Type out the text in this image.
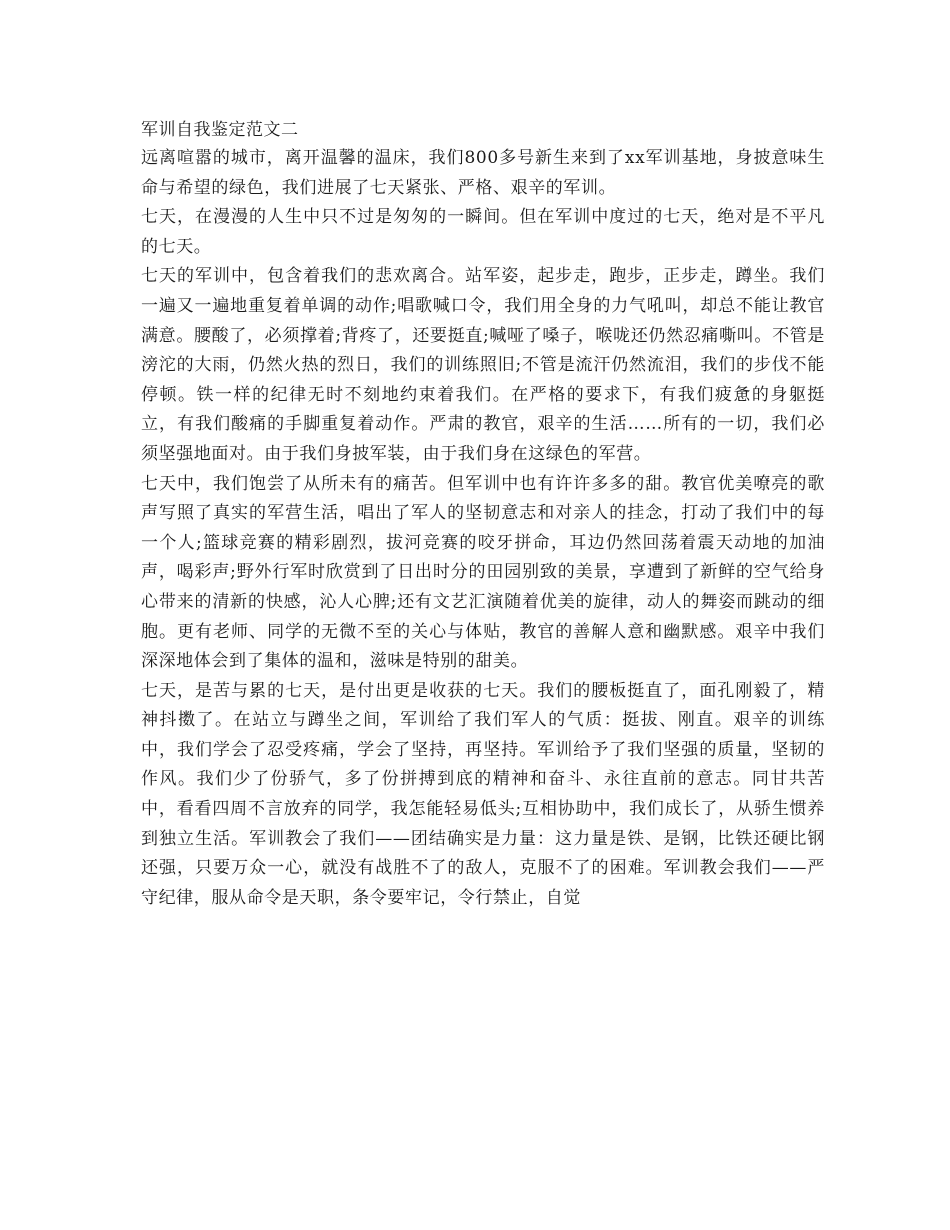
军训自我鉴定范文二

远离喧嚣的城市，离开温馨的温床，我们800多号新生来到了xx军训基地，身披意味生命与希望的绿色，我们进展了七天紧张、严格、艰辛的军训。

七天，在漫漫的人生中只不过是匆匆的一瞬间。但在军训中度过的七天，绝对是不平凡的七天。

七天的军训中，包含着我们的悲欢离合。站军姿，起步走，跑步，正步走，蹲坐。我们一遍又一遍地重复着单调的动作;唱歌喊口令，我们用全身的力气吼叫，却总不能让教官满意。腰酸了，必须撑着;背疼了，还要挺直;喊哑了嗓子，喉咙还仍然忍痛嘶叫。不管是滂沱的大雨，仍然火热的烈日，我们的训练照旧;不管是流汗仍然流泪，我们的步伐不能停顿。铁一样的纪律无时不刻地约束着我们。在严格的要求下，有我们疲惫的身躯挺立，有我们酸痛的手脚重复着动作。严肃的教官，艰辛的生活……所有的一切，我们必须坚强地面对。由于我们身披军装，由于我们身在这绿色的军营。

七天中，我们饱尝了从所未有的痛苦。但军训中也有许许多多的甜。教官优美嘹亮的歌声写照了真实的军营生活，唱出了军人的坚韧意志和对亲人的挂念，打动了我们中的每一个人;篮球竞赛的精彩剧烈，拔河竞赛的咬牙拼命，耳边仍然回荡着震天动地的加油声，喝彩声;野外行军时欣赏到了日出时分的田园别致的美景，享遭到了新鲜的空气给身心带来的清新的快感，沁人心脾;还有文艺汇演随着优美的旋律，动人的舞姿而跳动的细胞。更有老师、同学的无微不至的关心与体贴，教官的善解人意和幽默感。艰辛中我们深深地体会到了集体的温和，滋味是特别的甜美。

七天，是苦与累的七天，是付出更是收获的七天。我们的腰板挺直了，面孔刚毅了，精神抖擞了。在站立与蹲坐之间，军训给了我们军人的气质：挺拔、刚直。艰辛的训练中，我们学会了忍受疼痛，学会了坚持，再坚持。军训给予了我们坚强的质量，坚韧的作风。我们少了份骄气，多了份拼搏到底的精神和奋斗、永往直前的意志。同甘共苦中，看看四周不言放弃的同学，我怎能轻易低头;互相协助中，我们成长了，从骄生惯养到独立生活。军训教会了我们——团结确实是力量：这力量是铁、是钢，比铁还硬比钢还强，只要万众一心，就没有战胜不了的敌人，克服不了的困难。军训教会我们——严守纪律，服从命令是天职，条令要牢记，令行禁止，自觉
